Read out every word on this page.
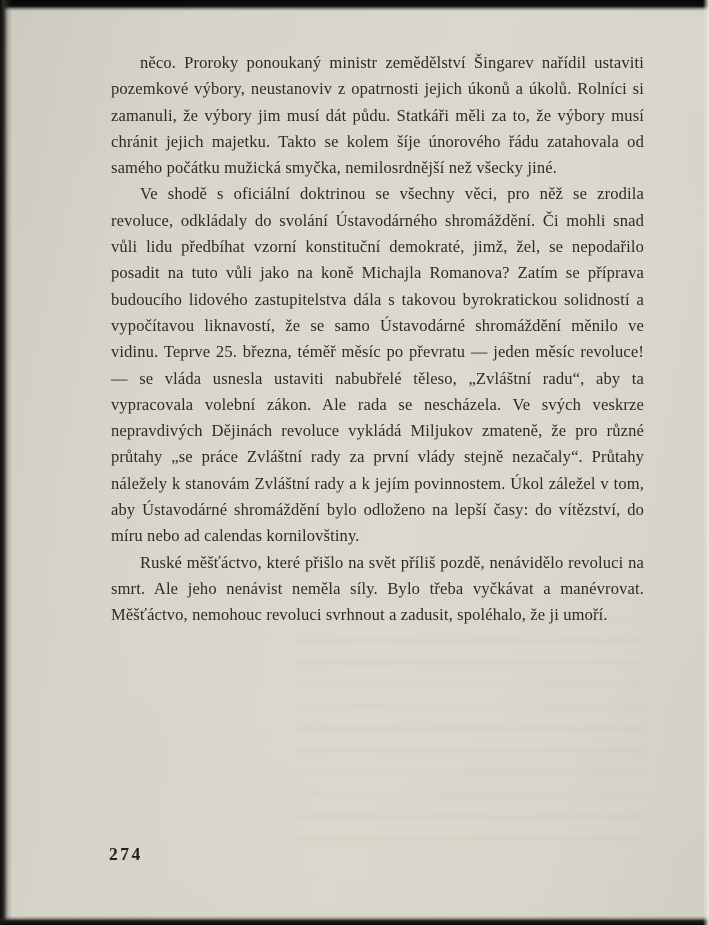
něco. Proroky ponoukaný ministr zemědělství Šingarev nařídil ustaviti pozemkové výbory, neustanoviv z opatrnosti jejich úkonů a úkolů. Rolníci si zamanuli, že výbory jim musí dát půdu. Statkáři měli za to, že výbory musí chránit jejich majetku. Takto se kolem šíje únorového řádu zatahovala od samého počátku mužická smyčka, nemilosrdnější než všecky jiné.

Ve shodě s oficiální doktrinou se všechny věci, pro něž se zrodila revoluce, odkládaly do svolání Ústavodárného shromáždění. Či mohli snad vůli lidu předbíhat vzorní konstituční demokraté, jimž, žel, se nepodařilo posadit na tuto vůli jako na koně Michajla Romanova? Zatím se příprava budoucího lidového zastupitelstva dála s takovou byrokratickou solidností a vypočítavou liknavostí, že se samo Ústavodárné shromáždění měnilo ve vidinu. Teprve 25. března, téměř měsíc po převratu — jeden měsíc revoluce! — se vláda usnesla ustaviti nabubřelé těleso, „Zvláštní radu“, aby ta vypracovala volební zákon. Ale rada se nescházela. Ve svých veskrze nepravdivých Dějinách revoluce vykládá Miljukov zmateně, že pro různé průtahy „se práce Zvláštní rady za první vlády stejně nezačaly“. Průtahy náležely k stanovám Zvláštní rady a k jejím povinnostem. Úkol záležel v tom, aby Ústavodárné shromáždění bylo odloženo na lepší časy: do vítězství, do míru nebo ad calendas kornilovštiny.

Ruské měšťáctvo, které přišlo na svět příliš pozdě, nenávidělo revoluci na smrt. Ale jeho nenávist neměla síly. Bylo třeba vyčkávat a manévrovat. Měšťáctvo, nemohouc revoluci svrhnout a zadusit, spoléhalo, že ji umoří.

274
